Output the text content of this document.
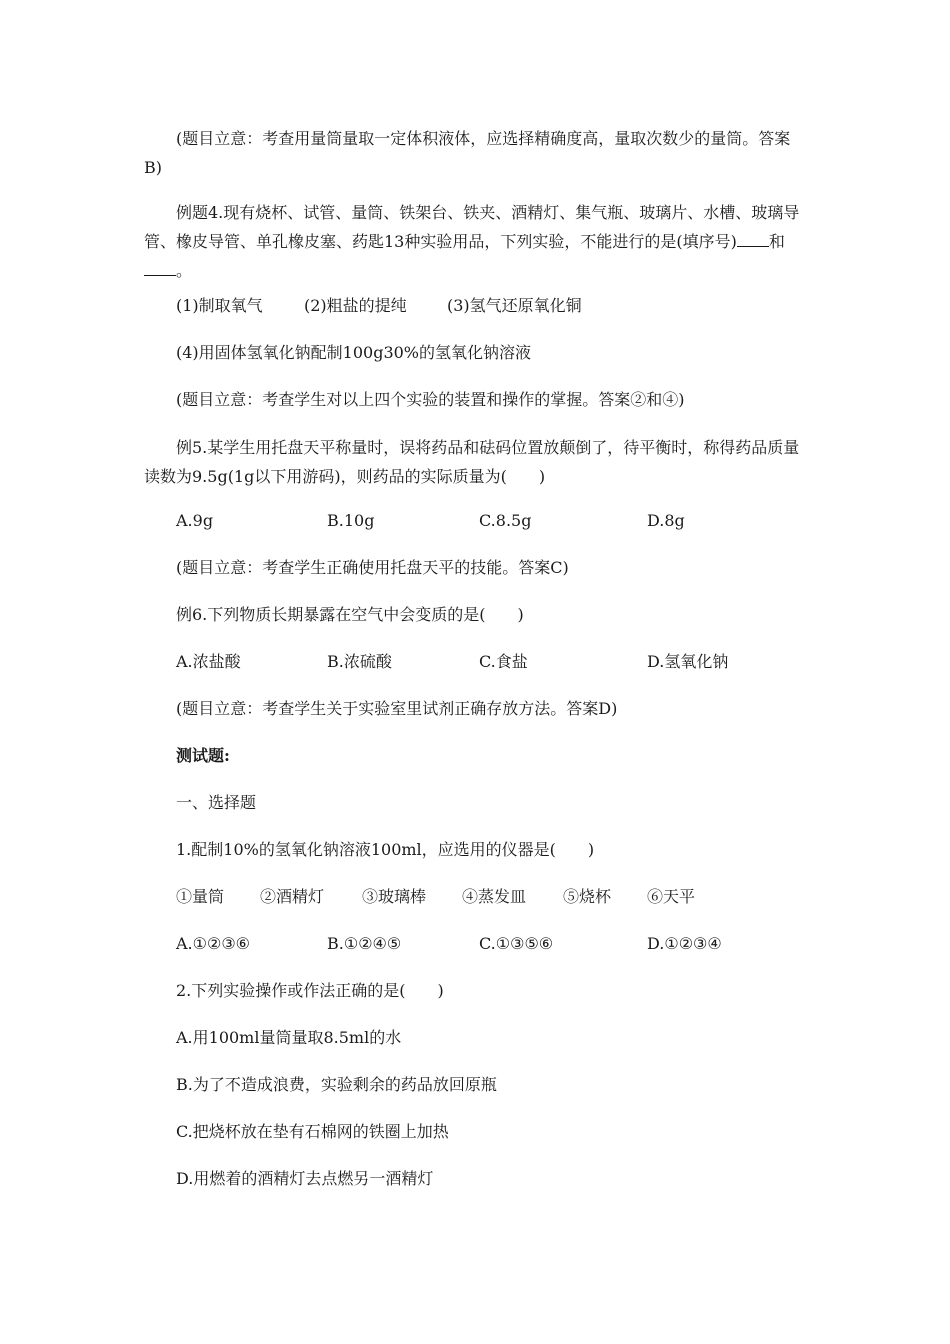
(题目立意：考查用量筒量取一定体积液体，应选择精确度高，量取次数少的量筒。答案B)
例题4.现有烧杯、试管、量筒、铁架台、铁夹、酒精灯、集气瓶、玻璃片、水槽、玻璃导管、橡皮导管、单孔橡皮塞、药匙13种实验用品，下列实验，不能进行的是(填序号) 和。
(1)制取氧气	(2)粗盐的提纯	(3)氢气还原氧化铜
(4)用固体氢氧化钠配制100g30%的氢氧化钠溶液
(题目立意：考查学生对以上四个实验的装置和操作的掌握。答案②和④)
例5.某学生用托盘天平称量时，误将药品和砝码位置放颠倒了，待平衡时，称得药品质量读数为9.5g(1g以下用游码)，则药品的实际质量为(　　)
A.9g	B.10g	C.8.5g	D.8g
(题目立意：考查学生正确使用托盘天平的技能。答案C)
例6.下列物质长期暴露在空气中会变质的是(　　)
A.浓盐酸	B.浓硫酸	C.食盐	D.氢氧化钠
(题目立意：考查学生关于实验室里试剂正确存放方法。答案D)
测试题:
一、选择题
1.配制10%的氢氧化钠溶液100ml，应选用的仪器是(　　)
①量筒 ②酒精灯 ③玻璃棒 ④蒸发皿 ⑤烧杯 ⑥天平
A.①②③⑥	B.①②④⑤	C.①③⑤⑥	D.①②③④
2.下列实验操作或作法正确的是(　　)
A.用100ml量筒量取8.5ml的水
B.为了不造成浪费，实验剩余的药品放回原瓶
C.把烧杯放在垫有石棉网的铁圈上加热
D.用燃着的酒精灯去点燃另一酒精灯
